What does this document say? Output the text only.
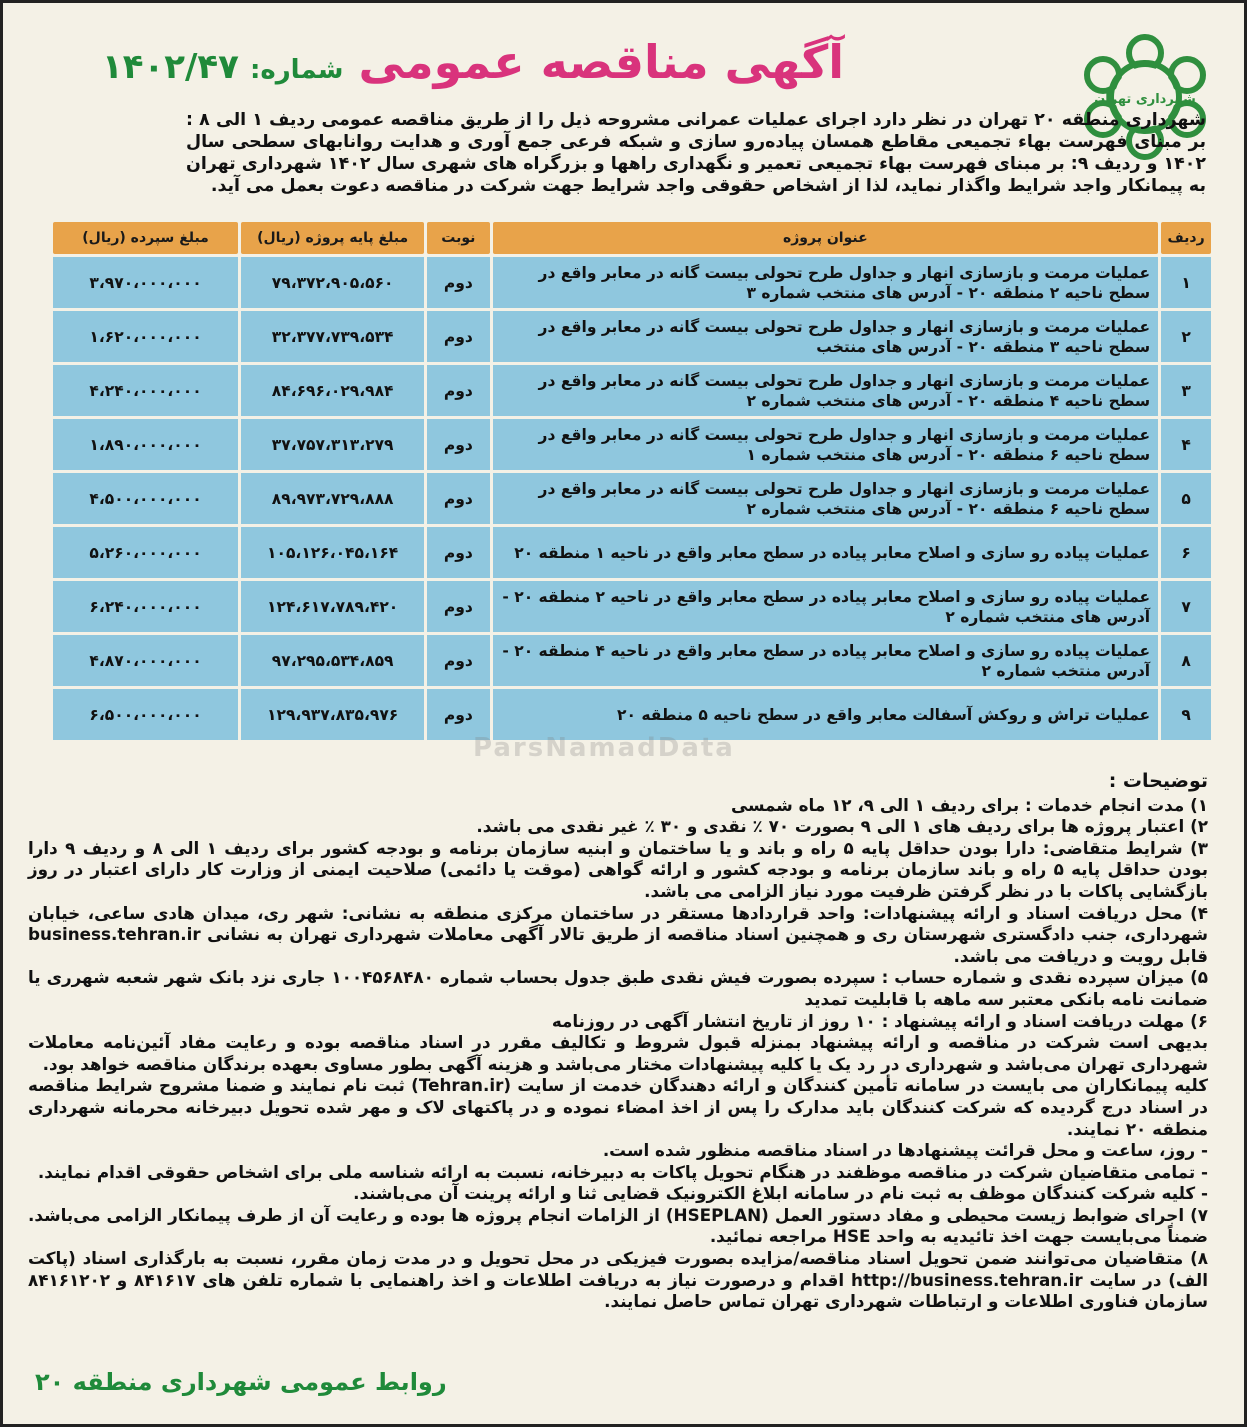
آگهی مناقصه عمومی شماره: ۱۴۰۲/۴۷
شهرداری تهران
شهرداری منطقه ۲۰ تهران در نظر دارد اجرای عملیات عمرانی مشروحه ذیل را از طریق مناقصه عمومی ردیف ۱ الی ۸ : بر مبنای فهرست بهاء تجمیعی مقاطع همسان پیاده‌رو سازی و شبکه فرعی جمع آوری و هدایت روانابهای سطحی سال ۱۴۰۲ و ردیف ۹: بر مبنای فهرست بهاء تجمیعی تعمیر و نگهداری راهها و بزرگراه های شهری سال ۱۴۰۲ شهرداری تهران به پیمانکار واجد شرایط واگذار نماید، لذا از اشخاص حقوقی واجد شرایط جهت شرکت در مناقصه دعوت بعمل می آید.
ردیف	عنوان پروژه	نوبت	مبلغ پایه پروژه (ریال)	مبلغ سپرده (ریال)
۱	عملیات مرمت و بازسازی انهار و جداول طرح تحولی بیست گانه در معابر واقع در سطح ناحیه ۲ منطقه ۲۰ - آدرس های منتخب شماره ۳	دوم	۷۹،۳۷۲،۹۰۵،۵۶۰	۳،۹۷۰،۰۰۰،۰۰۰
۲	عملیات مرمت و بازسازی انهار و جداول طرح تحولی بیست گانه در معابر واقع در سطح ناحیه ۳ منطقه ۲۰ - آدرس های منتخب	دوم	۳۲،۳۷۷،۷۳۹،۵۳۴	۱،۶۲۰،۰۰۰،۰۰۰
۳	عملیات مرمت و بازسازی انهار و جداول طرح تحولی بیست گانه در معابر واقع در سطح ناحیه ۴ منطقه ۲۰ - آدرس های منتخب شماره ۲	دوم	۸۴،۶۹۶،۰۲۹،۹۸۴	۴،۲۴۰،۰۰۰،۰۰۰
۴	عملیات مرمت و بازسازی انهار و جداول طرح تحولی بیست گانه در معابر واقع در سطح ناحیه ۶ منطقه ۲۰ - آدرس های منتخب شماره ۱	دوم	۳۷،۷۵۷،۳۱۳،۲۷۹	۱،۸۹۰،۰۰۰،۰۰۰
۵	عملیات مرمت و بازسازی انهار و جداول طرح تحولی بیست گانه در معابر واقع در سطح ناحیه ۶ منطقه ۲۰ - آدرس های منتخب شماره ۲	دوم	۸۹،۹۷۳،۷۲۹،۸۸۸	۴،۵۰۰،۰۰۰،۰۰۰
۶	عملیات پیاده رو سازی و اصلاح معابر پیاده در سطح معابر واقع در ناحیه ۱ منطقه ۲۰	دوم	۱۰۵،۱۲۶،۰۴۵،۱۶۴	۵،۲۶۰،۰۰۰،۰۰۰
۷	عملیات پیاده رو سازی و اصلاح معابر پیاده در سطح معابر واقع در ناحیه ۲ منطقه ۲۰ - آدرس های منتخب شماره ۲	دوم	۱۲۴،۶۱۷،۷۸۹،۴۲۰	۶،۲۴۰،۰۰۰،۰۰۰
۸	عملیات پیاده رو سازی و اصلاح معابر پیاده در سطح معابر واقع در ناحیه ۴ منطقه ۲۰ - آدرس منتخب شماره ۲	دوم	۹۷،۲۹۵،۵۳۴،۸۵۹	۴،۸۷۰،۰۰۰،۰۰۰
۹	عملیات تراش و روکش آسفالت معابر واقع در سطح ناحیه ۵ منطقه ۲۰	دوم	۱۲۹،۹۳۷،۸۳۵،۹۷۶	۶،۵۰۰،۰۰۰،۰۰۰
ParsNamadData
توضیحات :

۱) مدت انجام خدمات : برای ردیف ۱ الی ۹، ۱۲ ماه شمسی

۲) اعتبار پروژه ها برای ردیف های ۱ الی ۹ بصورت ۷۰ ٪ نقدی و ۳۰ ٪ غیر نقدی می باشد.

۳) شرایط متقاضی: دارا بودن حداقل پایه ۵ راه و باند و یا ساختمان و ابنیه سازمان برنامه و بودجه کشور برای ردیف ۱ الی ۸ و ردیف ۹ دارا بودن حداقل پایه ۵ راه و باند سازمان برنامه و بودجه کشور و ارائه گواهی (موقت یا دائمی) صلاحیت ایمنی از وزارت کار دارای اعتبار در روز بازگشایی پاکات با در نظر گرفتن ظرفیت مورد نیاز الزامی می باشد.

۴) محل دریافت اسناد و ارائه پیشنهادات: واحد قراردادها مستقر در ساختمان مرکزی منطقه به نشانی: شهر ری، میدان هادی ساعی، خیابان شهرداری، جنب دادگستری شهرستان ری و همچنین اسناد مناقصه از طریق تالار آگهی معاملات شهرداری تهران به نشانی business.tehran.ir قابل رویت و دریافت می باشد.

۵) میزان سپرده نقدی و شماره حساب : سپرده بصورت فیش نقدی طبق جدول بحساب شماره ۱۰۰۴۵۶۸۴۸۰ جاری نزد بانک شهر شعبه شهرری یا ضمانت نامه بانکی معتبر سه ماهه با قابلیت تمدید

۶) مهلت دریافت اسناد و ارائه پیشنهاد : ۱۰ روز از تاریخ انتشار آگهی در روزنامه

بدیهی است شرکت در مناقصه و ارائه پیشنهاد بمنزله قبول شروط و تکالیف مقرر در اسناد مناقصه بوده و رعایت مفاد آئین‌نامه معاملات شهرداری تهران می‌باشد و شهرداری در رد یک یا کلیه پیشنهادات مختار می‌باشد و هزینه آگهی بطور مساوی بعهده برندگان مناقصه خواهد بود.

کلیه پیمانکاران می بایست در سامانه تأمین کنندگان و ارائه دهندگان خدمت از سایت (Tehran.ir) ثبت نام نمایند و ضمنا مشروح شرایط مناقصه در اسناد درج گردیده که شرکت کنندگان باید مدارک را پس از اخذ امضاء نموده و در پاکتهای لاک و مهر شده تحویل دبیرخانه محرمانه شهرداری منطقه ۲۰ نمایند.

- روز، ساعت و محل قرائت پیشنهادها در اسناد مناقصه منظور شده است.

- تمامی متقاضیان شرکت در مناقصه موظفند در هنگام تحویل پاکات به دبیرخانه، نسبت به ارائه شناسه ملی برای اشخاص حقوقی اقدام نمایند.

- کلیه شرکت کنندگان موظف به ثبت نام در سامانه ابلاغ الکترونیک قضایی ثنا و ارائه پرینت آن می‌باشند.

۷) اجرای ضوابط زیست محیطی و مفاد دستور العمل (HSEPLAN) از الزامات انجام پروژه ها بوده و رعایت آن از طرف پیمانکار الزامی می‌باشد. ضمناً می‌بایست جهت اخذ تائیدیه به واحد HSE مراجعه نمائید.

۸) متقاضیان می‌توانند ضمن تحویل اسناد مناقصه/مزایده بصورت فیزیکی در محل تحویل و در مدت زمان مقرر، نسبت به بارگذاری اسناد (پاکت الف) در سایت http://business.tehran.ir اقدام و درصورت نیاز به دریافت اطلاعات و اخذ راهنمایی با شماره تلفن های ۸۴۱۶۱۷ و ۸۴۱۶۱۲۰۲ سازمان فناوری اطلاعات و ارتباطات شهرداری تهران تماس حاصل نمایند.

روابط عمومی شهرداری منطقه ۲۰
